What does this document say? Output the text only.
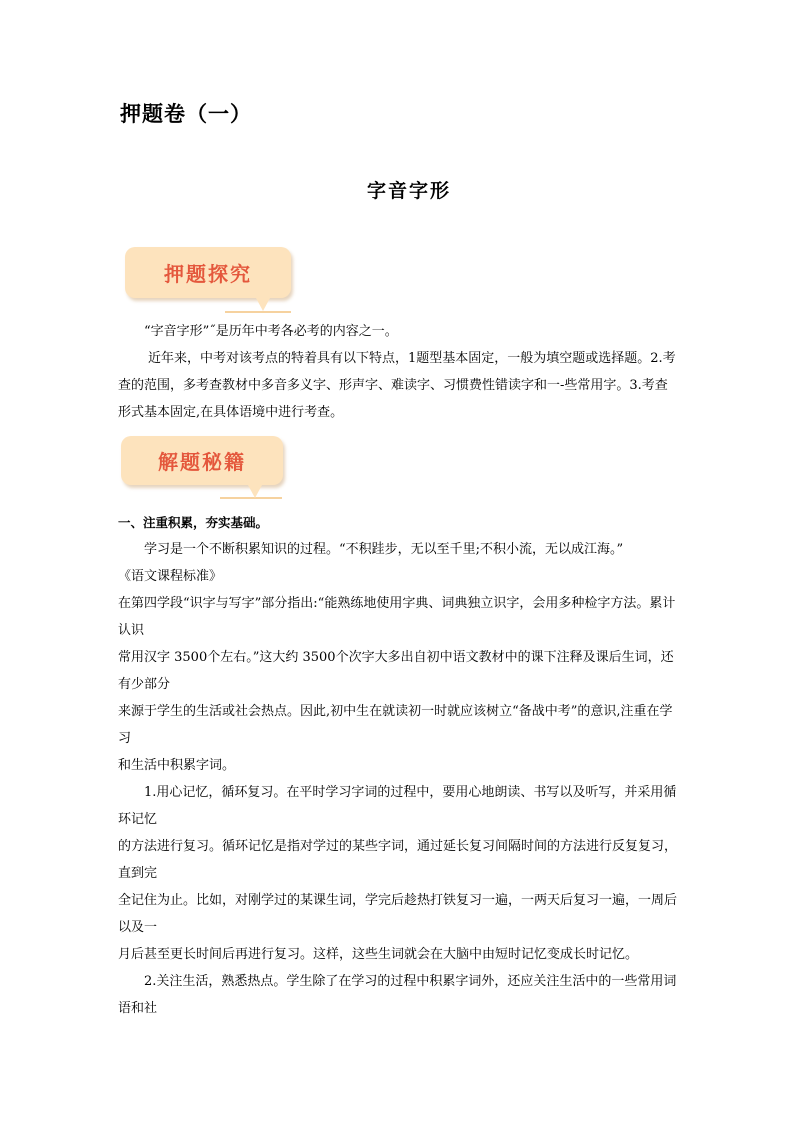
押题卷（一）
字音字形
押题探究

“字音字形”˝是历年中考各必考的内容之一。

近年来，中考对该考点的特着具有以下特点，1题型基本固定，一般为填空题或选择题。2.考查的范围，多考查教材中多音多义字、形声字、难读字、习惯费性错读字和一-些常用字。3.考查形式基本固定,在具体语境中进行考查。

解题秘籍

一、注重积累，夯实基础。

学习是一个不断积累知识的过程。“不积跬步，无以至千里;不积小流，无以成江海。”

《语文课程标准》

在第四学段“识字与写字”部分指出:“能熟练地使用字典、词典独立识字，会用多种检字方法。累计认识

常用汉字 3500个左右。”这大约 3500个次字大多出自初中语文教材中的课下注释及课后生词，还有少部分

来源于学生的生活或社会热点。因此,初中生在就读初一时就应该树立“备战中考”的意识,注重在学习

和生活中积累字词。

1.用心记忆，循环复习。在平时学习字词的过程中，要用心地朗读、书写以及听写，并采用循环记忆

的方法进行复习。循环记忆是指对学过的某些字词，通过延长复习间隔时间的方法进行反复复习，直到完

全记住为止。比如，对刚学过的某课生词，学完后趁热打铁复习一遍，一两天后复习一遍，一周后以及一

月后甚至更长时间后再进行复习。这样，这些生词就会在大脑中由短时记忆变成长时记忆。

2.关注生活，熟悉热点。学生除了在学习的过程中积累字词外，还应关注生活中的一些常用词语和社
